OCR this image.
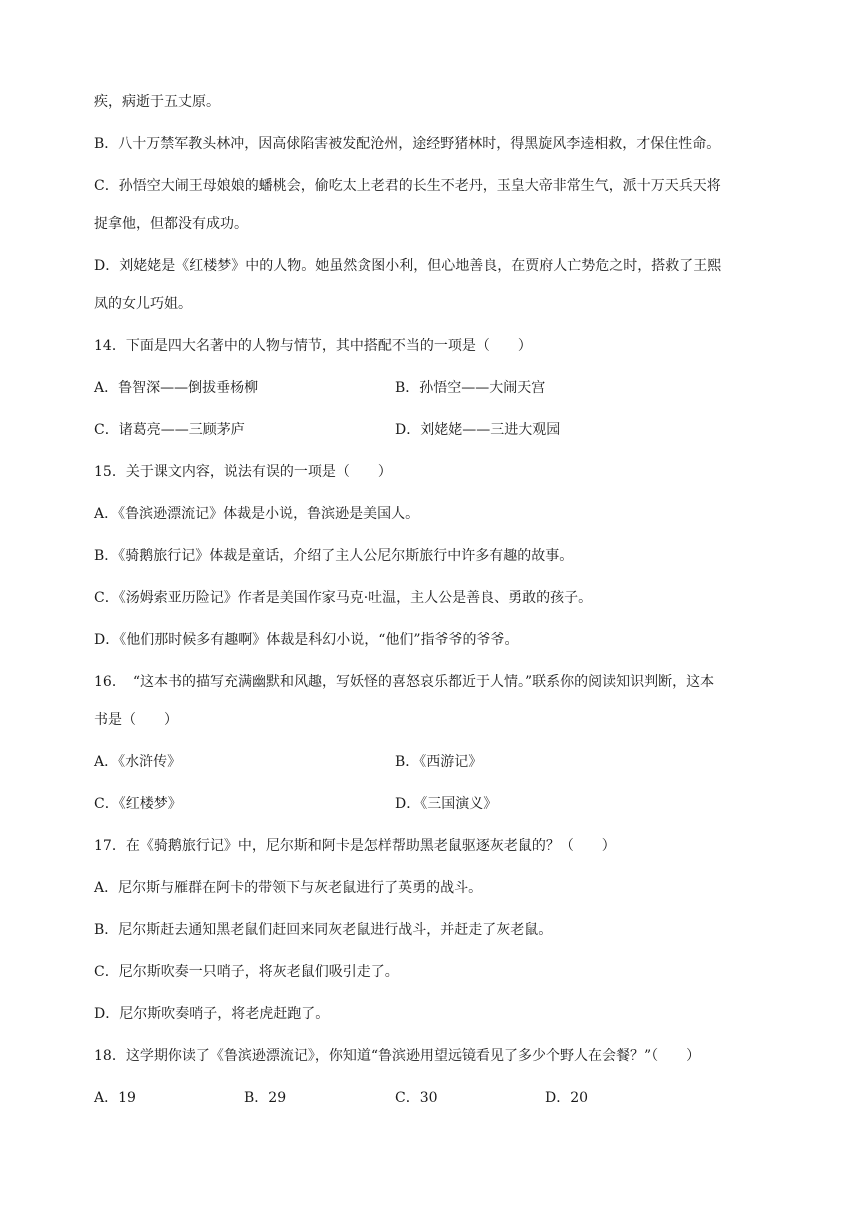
疾，病逝于五丈原。
B．八十万禁军教头林冲，因高俅陷害被发配沧州，途经野猪林时，得黑旋风李逵相救，才保住性命。
C．孙悟空大闹王母娘娘的蟠桃会，偷吃太上老君的长生不老丹，玉皇大帝非常生气，派十万天兵天将
捉拿他，但都没有成功。
D．刘姥姥是《红楼梦》中的人物。她虽然贪图小利，但心地善良，在贾府人亡势危之时，搭救了王熙
凤的女儿巧姐。
14．下面是四大名著中的人物与情节，其中搭配不当的一项是（　　）
A．鲁智深——倒拔垂杨柳	B．孙悟空——大闹天宫
C．诸葛亮——三顾茅庐	D．刘姥姥——三进大观园
15．关于课文内容，说法有误的一项是（　　）
A．《鲁滨逊漂流记》体裁是小说，鲁滨逊是美国人。
B．《骑鹅旅行记》体裁是童话，介绍了主人公尼尔斯旅行中许多有趣的故事。
C．《汤姆索亚历险记》作者是美国作家马克·吐温，主人公是善良、勇敢的孩子。
D．《他们那时候多有趣啊》体裁是科幻小说，“他们”指爷爷的爷爷。
16．　“这本书的描写充满幽默和风趣，写妖怪的喜怒哀乐都近于人情。”联系你的阅读知识判断，这本
书是（　　）
A．《水浒传》	B．《西游记》
C．《红楼梦》	D．《三国演义》
17．在《骑鹅旅行记》中，尼尔斯和阿卡是怎样帮助黑老鼠驱逐灰老鼠的？（　　）
A．尼尔斯与雁群在阿卡的带领下与灰老鼠进行了英勇的战斗。
B．尼尔斯赶去通知黑老鼠们赶回来同灰老鼠进行战斗，并赶走了灰老鼠。
C．尼尔斯吹奏一只哨子，将灰老鼠们吸引走了。
D．尼尔斯吹奏哨子，将老虎赶跑了。
18．这学期你读了《鲁滨逊漂流记》，你知道“鲁滨逊用望远镜看见了多少个野人在会餐？”（　　）
A．19	B．29	C．30	D．20
